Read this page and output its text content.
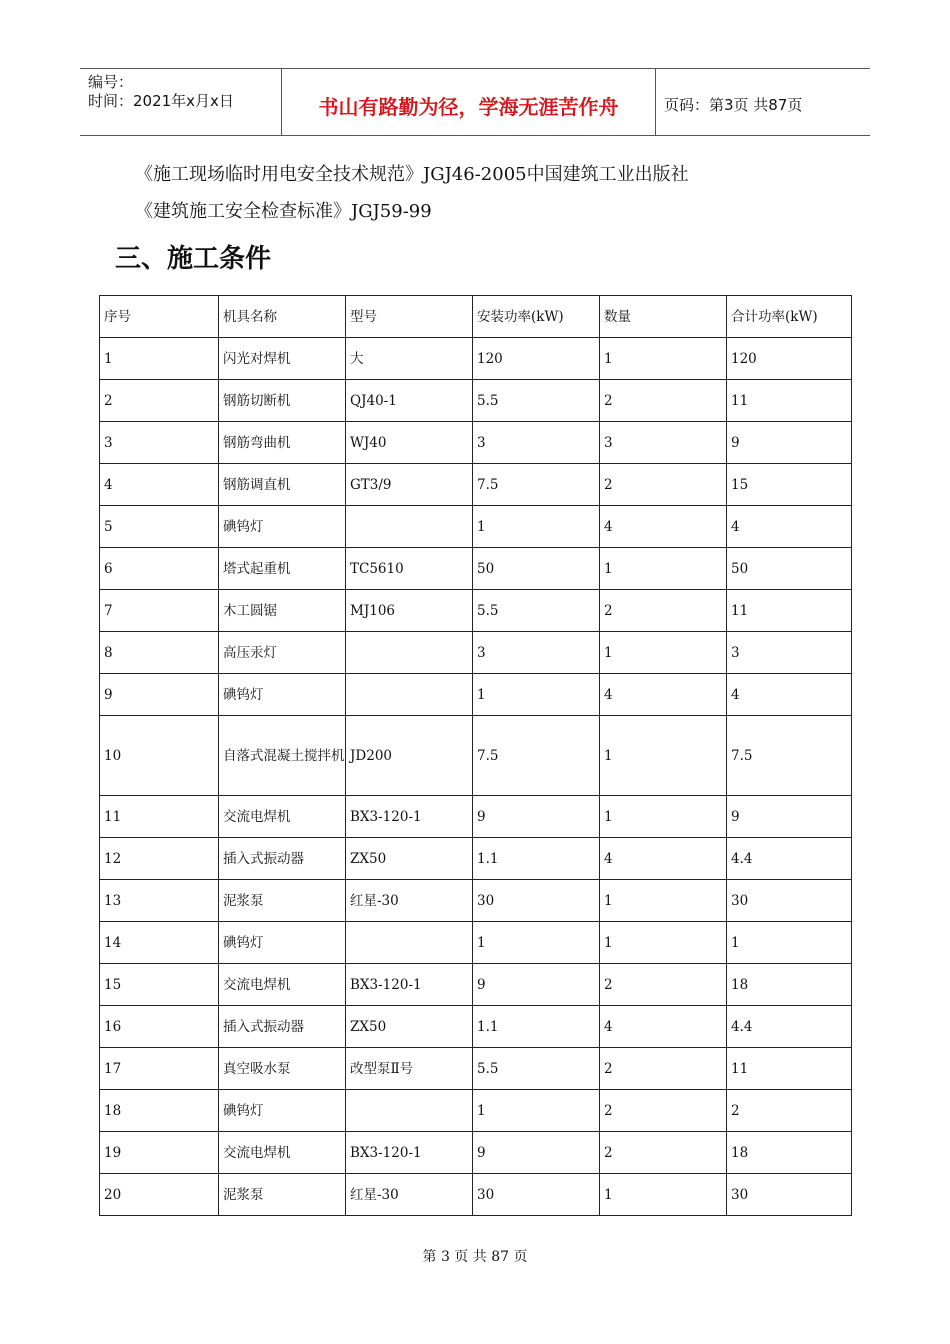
编号：
时间：2021年x月x日	书山有路勤为径，学海无涯苦作舟	页码：第3页 共87页
《施工现场临时用电安全技术规范》JGJ46-2005中国建筑工业出版社
《建筑施工安全检查标准》JGJ59-99
三、施工条件
序号	机具名称	型号	安装功率(kW)	数量	合计功率(kW)
1	闪光对焊机	大	120	1	120
2	钢筋切断机	QJ40-1	5.5	2	11
3	钢筋弯曲机	WJ40	3	3	9
4	钢筋调直机	GT3/9	7.5	2	15
5	碘钨灯		1	4	4
6	塔式起重机	TC5610	50	1	50
7	木工圆锯	MJ106	5.5	2	11
8	高压汞灯		3	1	3
9	碘钨灯		1	4	4
10	自落式混凝土搅拌机	JD200	7.5	1	7.5
11	交流电焊机	BX3-120-1	9	1	9
12	插入式振动器	ZX50	1.1	4	4.4
13	泥浆泵	红星-30	30	1	30
14	碘钨灯		1	1	1
15	交流电焊机	BX3-120-1	9	2	18
16	插入式振动器	ZX50	1.1	4	4.4
17	真空吸水泵	改型泵Ⅱ号	5.5	2	11
18	碘钨灯		1	2	2
19	交流电焊机	BX3-120-1	9	2	18
20	泥浆泵	红星-30	30	1	30
第 3 页 共 87 页
